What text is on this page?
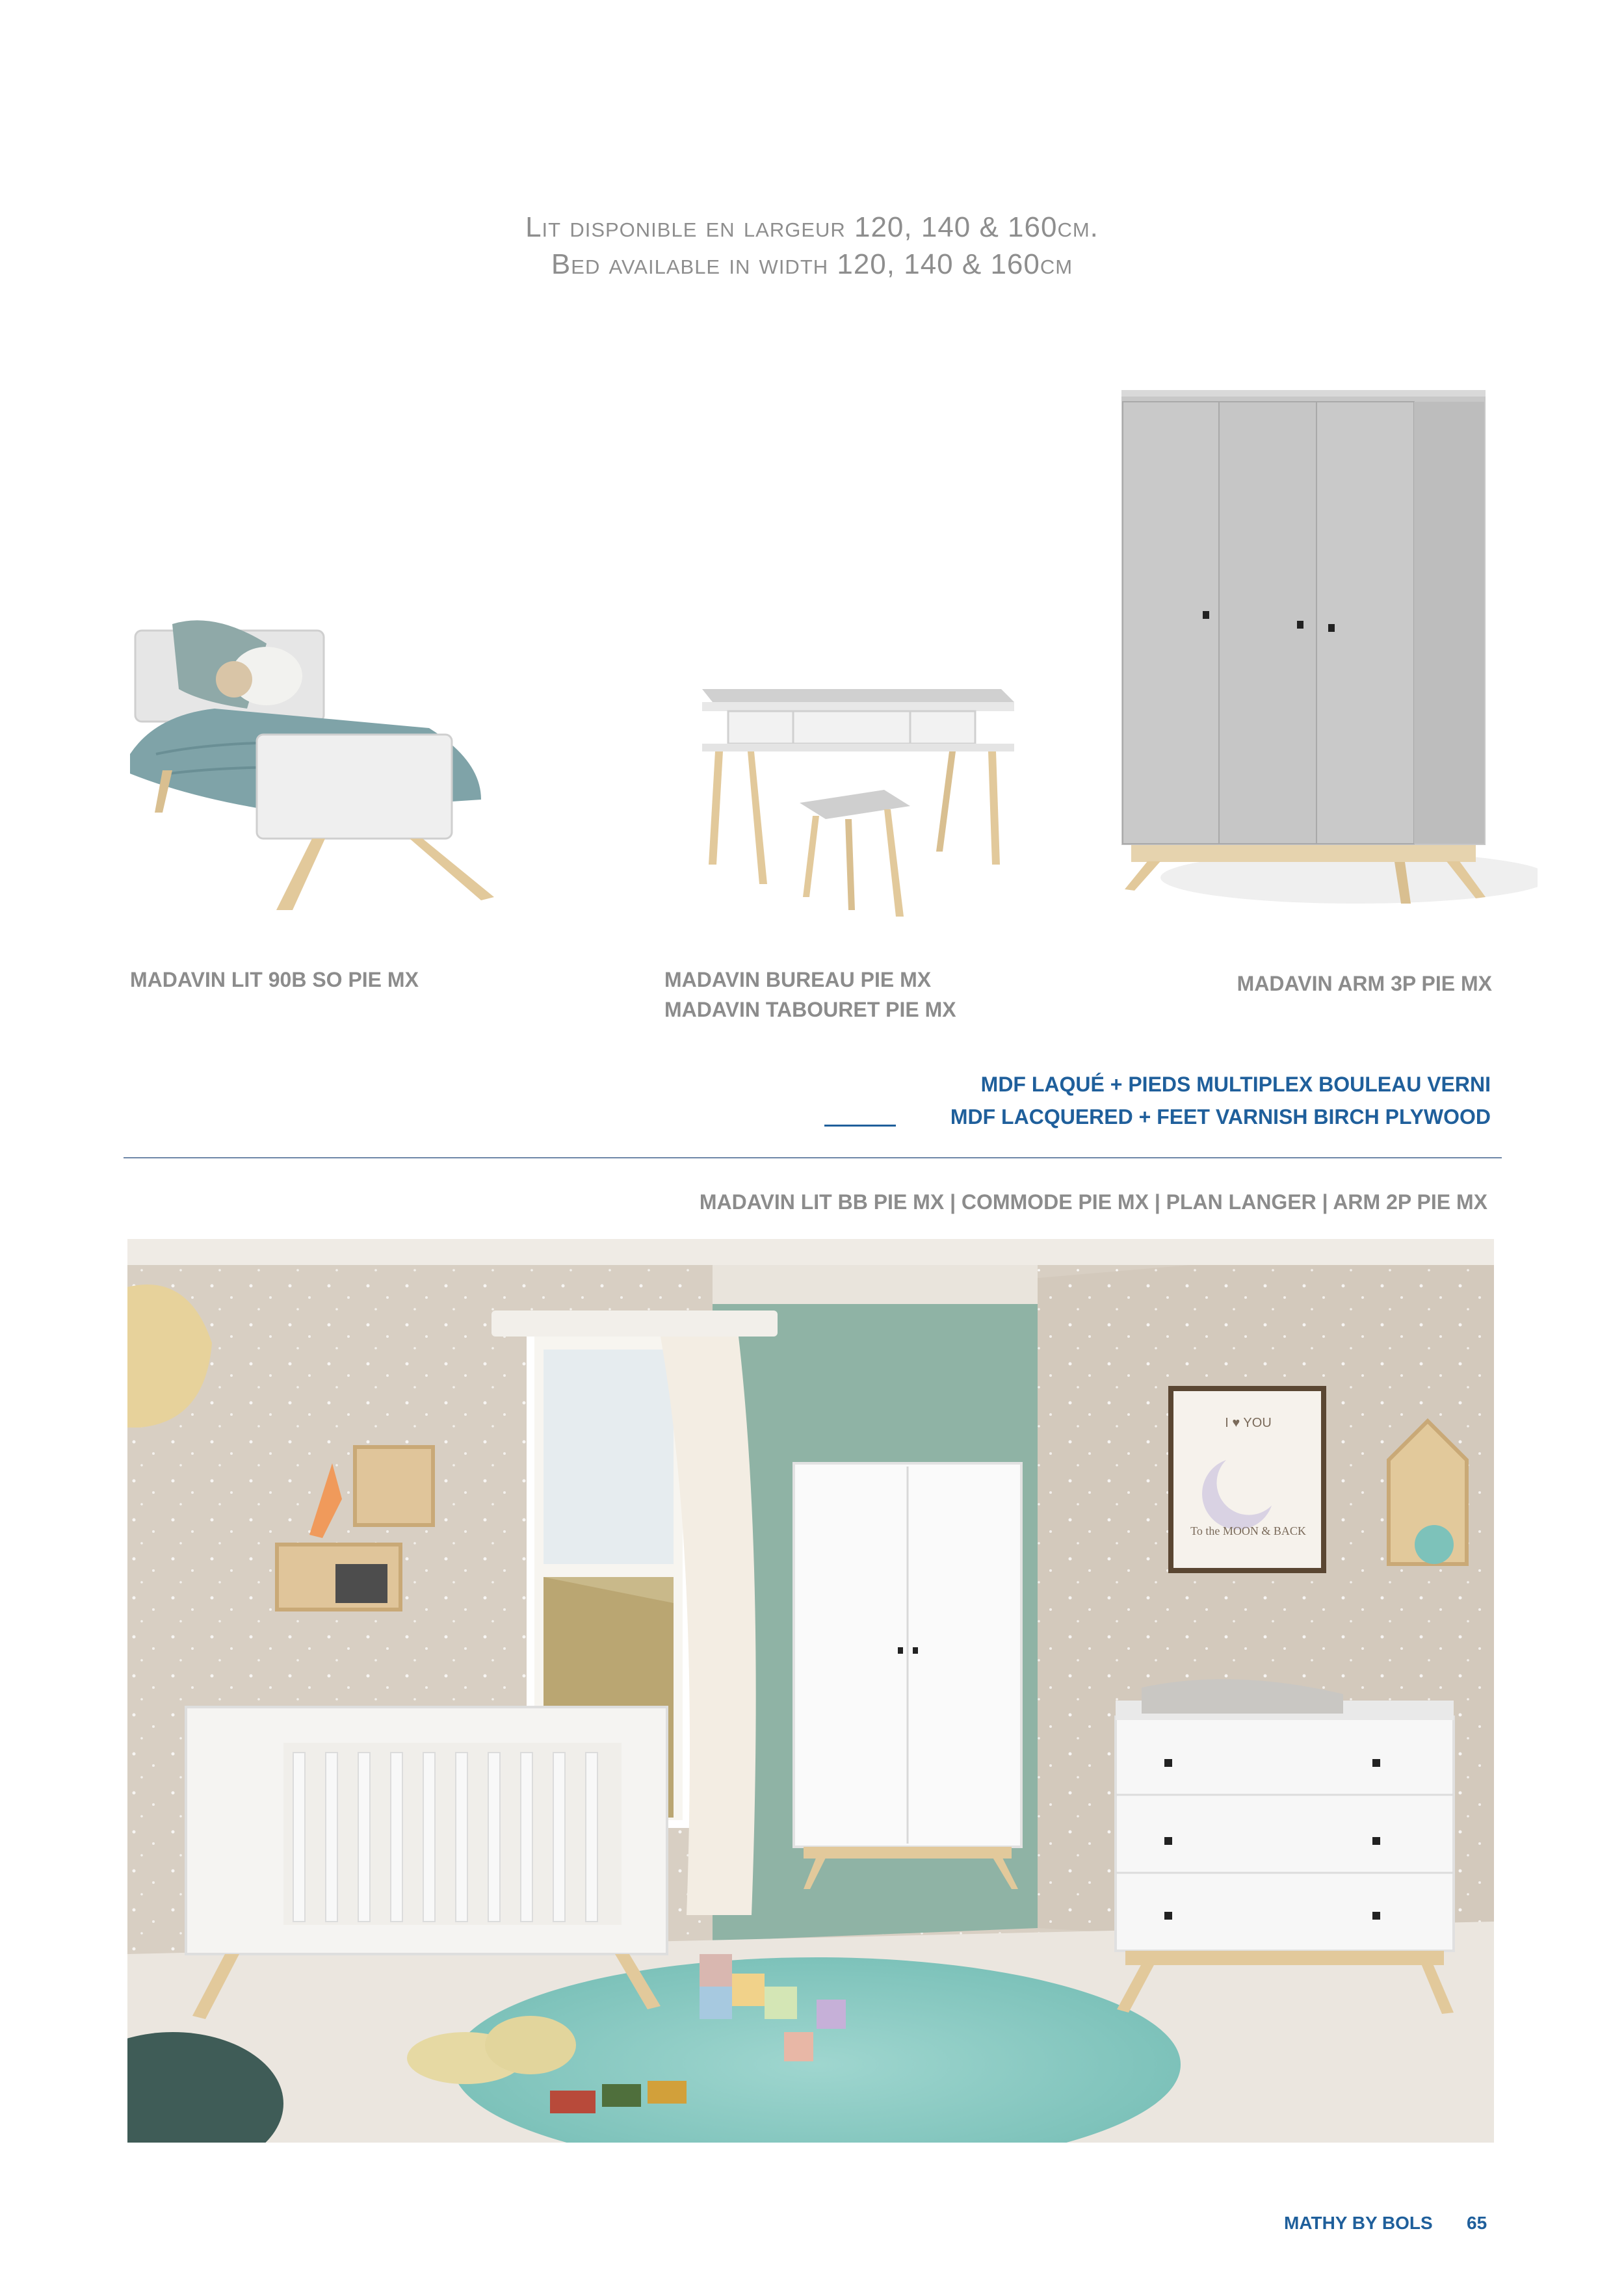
Lit disponible en largeur 120, 140 & 160cm.
Bed available in width 120, 140 & 160cm
MADAVIN LIT 90B SO PIE MX	MADAVIN BUREAU PIE MX
MADAVIN TABOURET PIE MX
MADAVIN ARM 3P PIE MX
MDF LAQUÉ + PIEDS MULTIPLEX BOULEAU VERNI
MDF LACQUERED + FEET VARNISH BIRCH PLYWOOD
MADAVIN LIT BB PIE MX | COMMODE PIE MX | PLAN LANGER | ARM 2P PIE MX
I ♥ YOU
To the MOON & BACK
MATHY BY BOLS 65
